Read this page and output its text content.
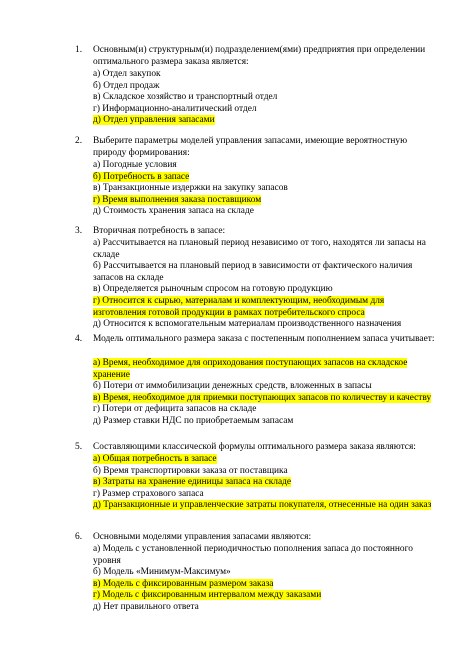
1. Основным(и) структурным(и) подразделением(ями) предприятия при определении оптимального размера заказа является:
а) Отдел закупок
б) Отдел продаж
в) Складское хозяйство и транспортный отдел
г) Информационно-аналитический отдел
д) Отдел управления запасами
2. Выберите параметры моделей управления запасами, имеющие вероятностную природу формирования:
а) Погодные условия
б) Потребность в запасе
в) Транзакционные издержки на закупку запасов
г) Время выполнения заказа поставщиком
д) Стоимость хранения запаса на складе
3. Вторичная потребность в запасе:
а) Рассчитывается на плановый период независимо от того, находятся ли запасы на складе
б) Рассчитывается на плановый период в зависимости от фактического наличия запасов на складе
в) Определяется рыночным спросом на готовую продукцию
г) Относится к сырью, материалам и комплектующим, необходимым для изготовления готовой продукции в рамках потребительского спроса
д) Относится к вспомогательным материалам производственного назначения
4. Модель оптимального размера заказа с постепенным пополнением запаса учитывает:
а) Время, необходимое для оприходования поступающих запасов на складское хранение
б) Потери от иммобилизации денежных средств, вложенных в запасы
в) Время, необходимое для приемки поступающих запасов по количеству и качеству
г) Потери от дефицита запасов на складе
д) Размер ставки НДС по приобретаемым запасам
5. Составляющими классической формулы оптимального размера заказа являются:
а) Общая потребность в запасе
б) Время транспортировки заказа от поставщика
в) Затраты на хранение единицы запаса на складе
г) Размер страхового запаса
д) Транзакционные и управленческие затраты покупателя, отнесенные на один заказ
6. Основными моделями управления запасами являются:
а) Модель с установленной периодичностью пополнения запаса до постоянного уровня
б) Модель «Минимум-Максимум»
в) Модель с фиксированным размером заказа
г) Модель с фиксированным интервалом между заказами
д) Нет правильного ответа
